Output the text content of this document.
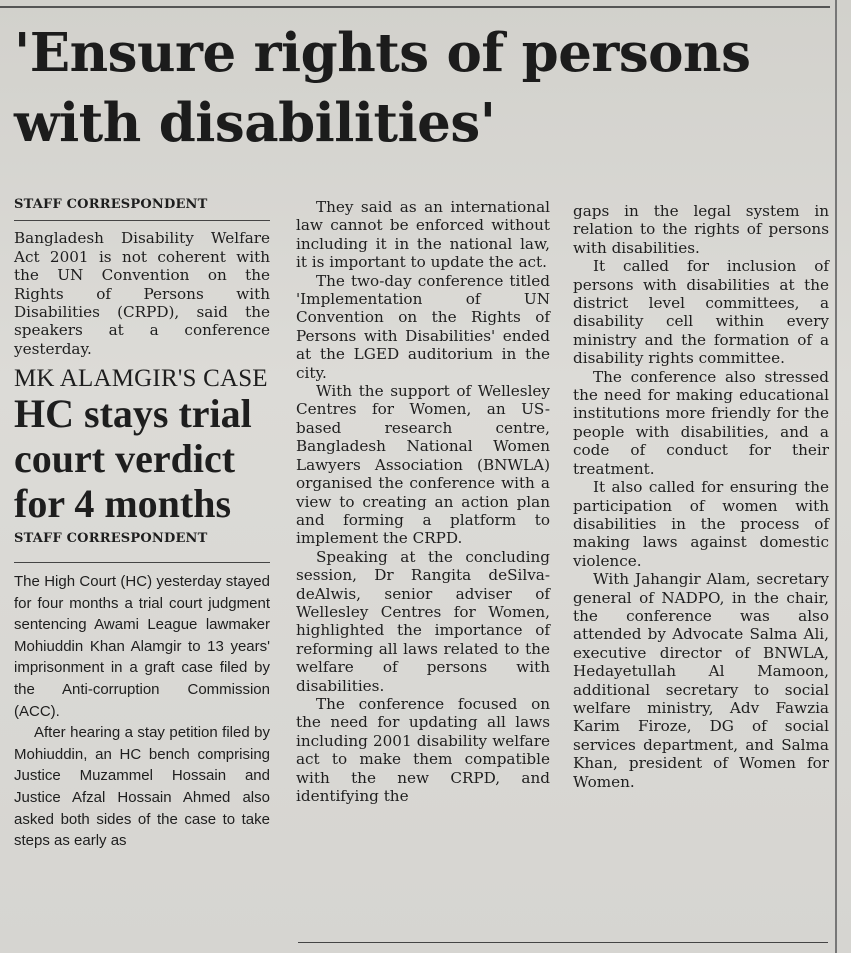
'Ensure rights of persons with disabilities'
STAFF CORRESPONDENT

Bangladesh Disability Welfare Act 2001 is not coherent with the UN Convention on the Rights of Persons with Disabilities (CRPD), said the speakers at a conference yesterday.

MK ALAMGIR'S CASE
HC stays trial court verdict for 4 months
STAFF CORRESPONDENT

The High Court (HC) yesterday stayed for four months a trial court judgment sentencing Awami League lawmaker Mohiuddin Khan Alamgir to 13 years' imprisonment in a graft case filed by the Anti-corruption Commission (ACC).

After hearing a stay petition filed by Mohiuddin, an HC bench comprising Justice Muzammel Hossain and Justice Afzal Hossain Ahmed also asked both sides of the case to take steps as early as

They said as an international law cannot be enforced without including it in the national law, it is important to update the act.

The two-day conference titled 'Implementation of UN Convention on the Rights of Persons with Disabilities' ended at the LGED auditorium in the city.

With the support of Wellesley Centres for Women, an US-based research centre, Bangladesh National Women Lawyers Association (BNWLA) organised the conference with a view to creating an action plan and forming a platform to implement the CRPD.

Speaking at the concluding session, Dr Rangita deSilva-deAlwis, senior adviser of Wellesley Centres for Women, highlighted the importance of reforming all laws related to the welfare of persons with disabilities.

The conference focused on the need for updating all laws including 2001 disability welfare act to make them compatible with the new CRPD, and identifying the

gaps in the legal system in relation to the rights of persons with disabilities.

It called for inclusion of persons with disabilities at the district level committees, a disability cell within every ministry and the formation of a disability rights committee.

The conference also stressed the need for making educational institutions more friendly for the people with disabilities, and a code of conduct for their treatment.

It also called for ensuring the participation of women with disabilities in the process of making laws against domestic violence.

With Jahangir Alam, secretary general of NADPO, in the chair, the conference was also attended by Advocate Salma Ali, executive director of BNWLA, Hedayetullah Al Mamoon, additional secretary to social welfare ministry, Adv Fawzia Karim Firoze, DG of social services department, and Salma Khan, president of Women for Women.
